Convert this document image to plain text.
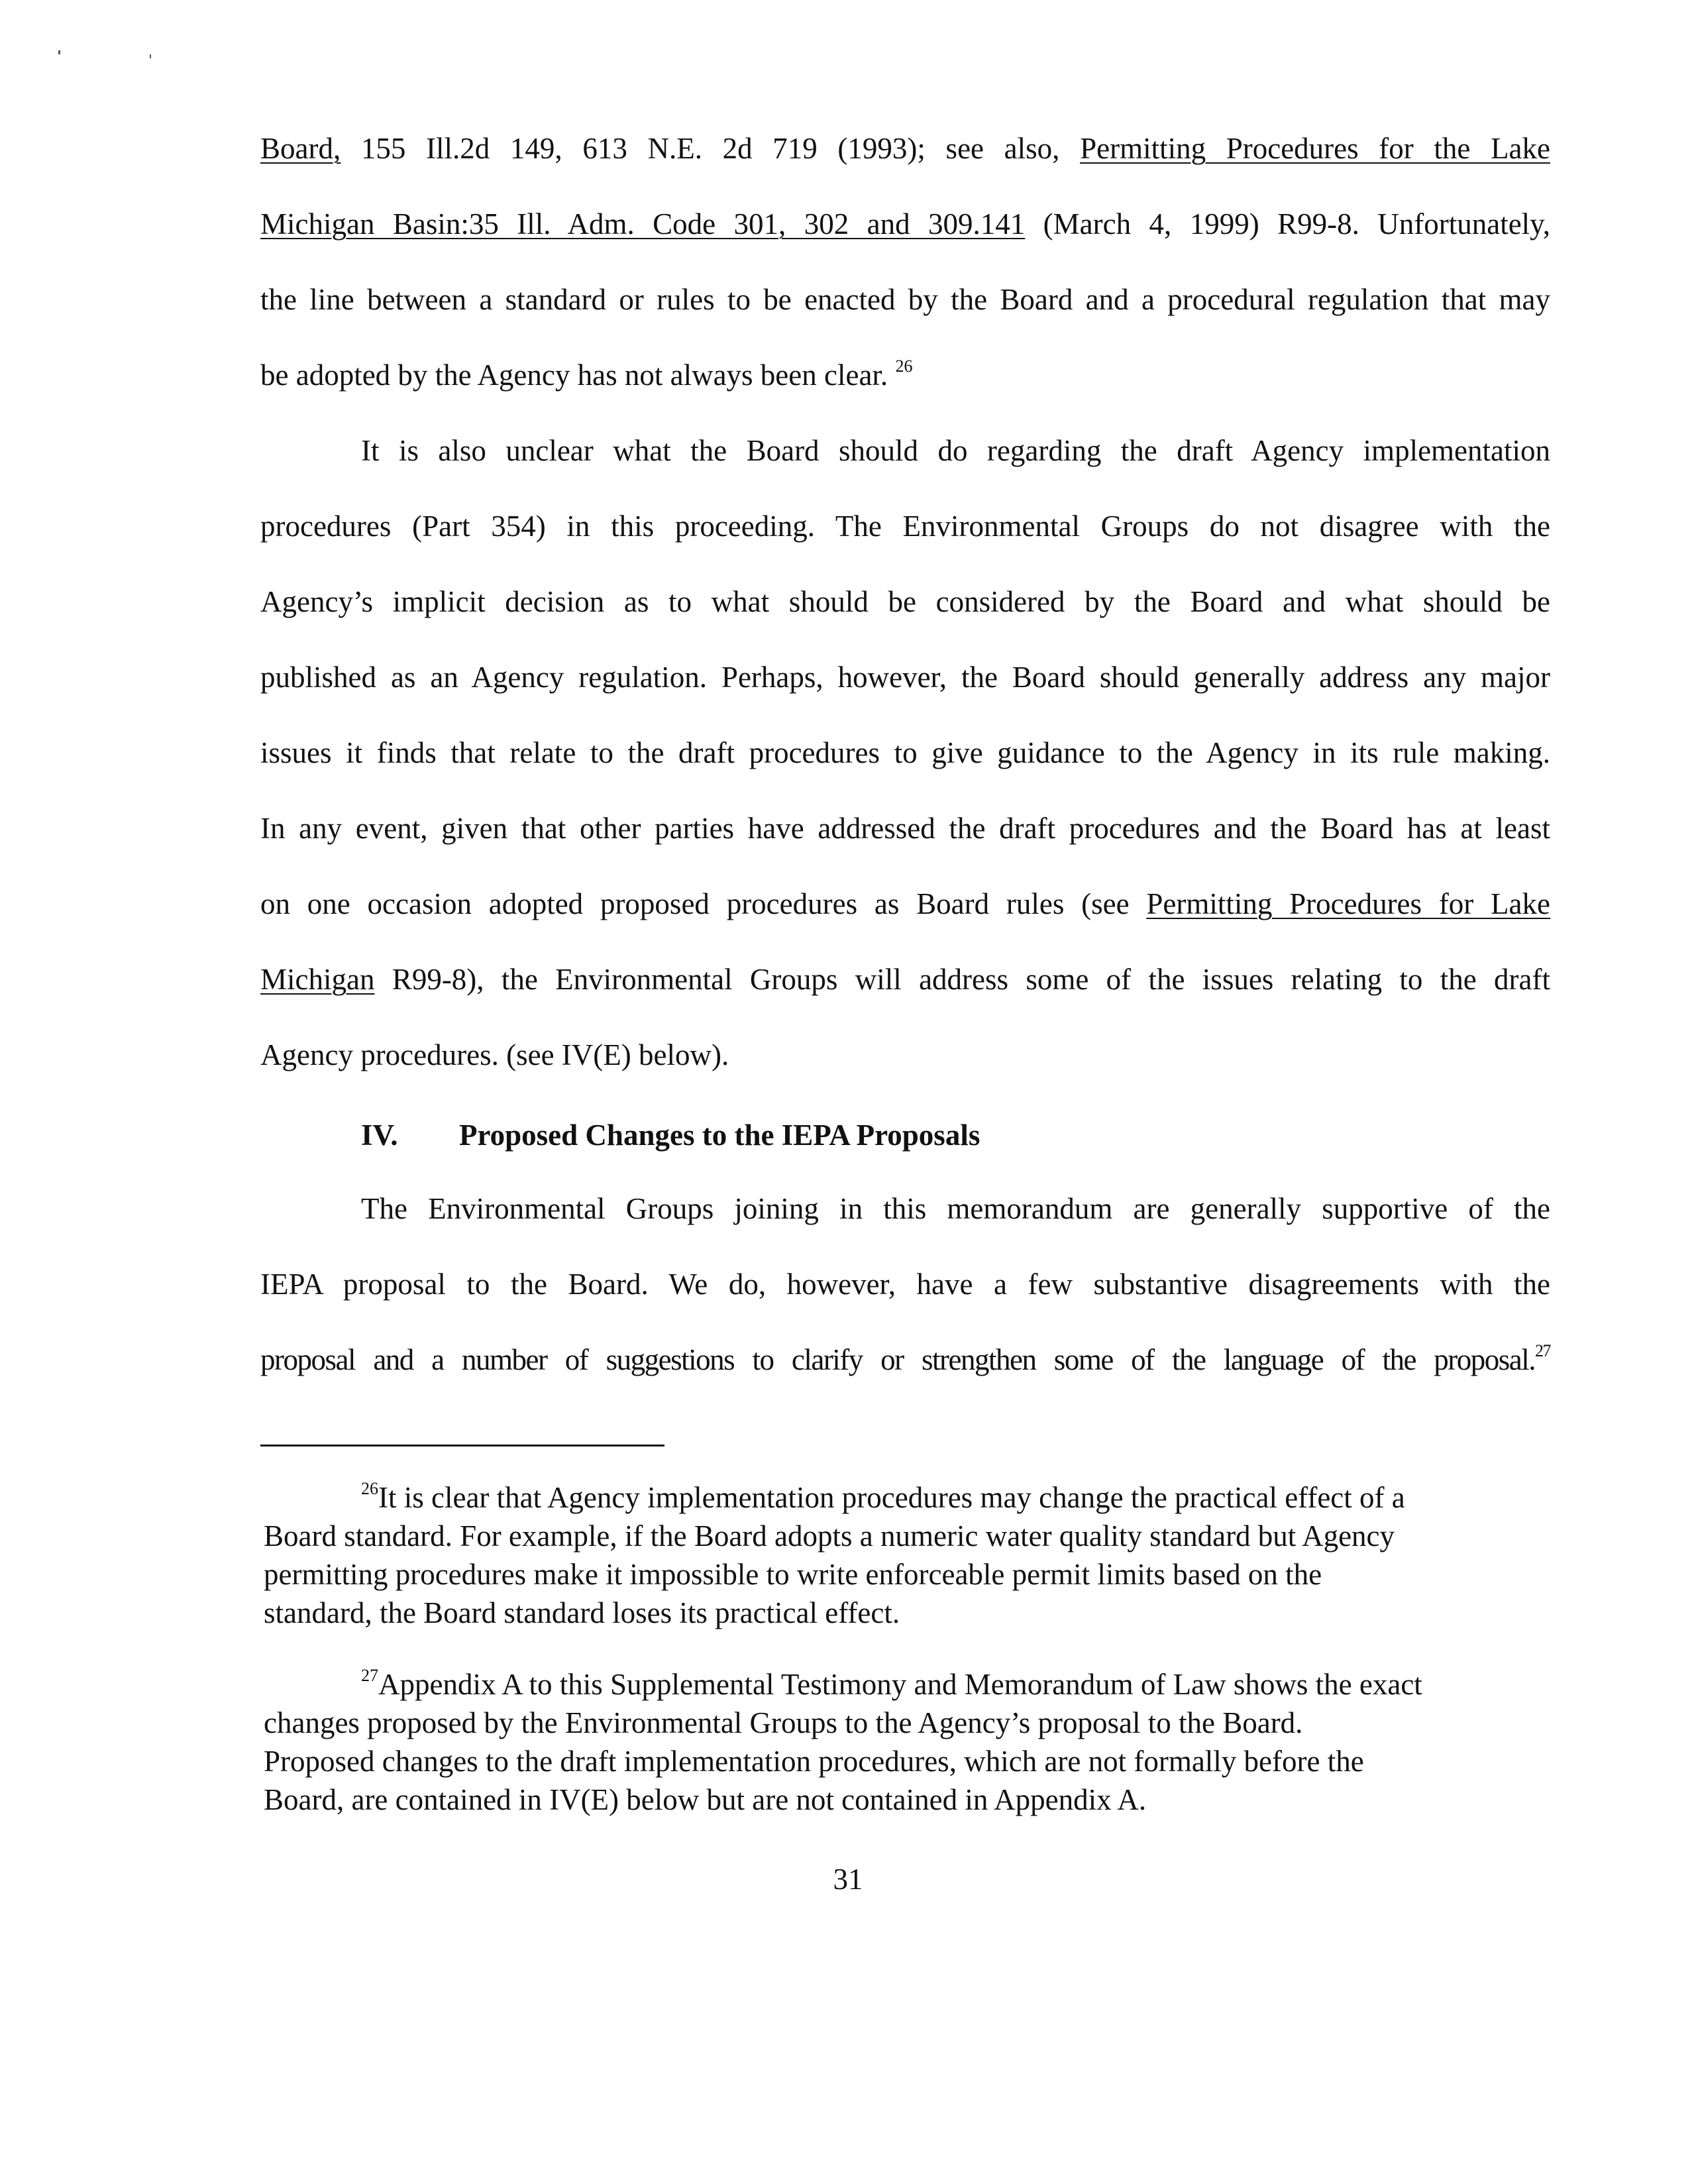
Board, 155 Ill.2d 149, 613 N.E. 2d 719 (1993); see also, Permitting Procedures for the Lake
Michigan Basin:35 Ill. Adm. Code 301, 302 and 309.141 (March 4, 1999) R99-8. Unfortunately,
the line between a standard or rules to be enacted by the Board and a procedural regulation that may
be adopted by the Agency has not always been clear. $^{26}$
It is also unclear what the Board should do regarding the draft Agency implementation
procedures (Part 354) in this proceeding. The Environmental Groups do not disagree with the
Agency’s implicit decision as to what should be considered by the Board and what should be
published as an Agency regulation. Perhaps, however, the Board should generally address any major
issues it finds that relate to the draft procedures to give guidance to the Agency in its rule making.
In any event, given that other parties have addressed the draft procedures and the Board has at least
on one occasion adopted proposed procedures as Board rules (see Permitting Procedures for Lake
Michigan R99-8), the Environmental Groups will address some of the issues relating to the draft
Agency procedures. (see IV(E) below).
IV. Proposed Changes to the IEPA Proposals
The Environmental Groups joining in this memorandum are generally supportive of the
IEPA proposal to the Board. We do, however, have a few substantive disagreements with the
proposal and a number of suggestions to clarify or strengthen some of the language of the proposal.$^{27}$
$^{26}$It is clear that Agency implementation procedures may change the practical effect of a
Board standard. For example, if the Board adopts a numeric water quality standard but Agency
permitting procedures make it impossible to write enforceable permit limits based on the
standard, the Board standard loses its practical effect.
$^{27}$Appendix A to this Supplemental Testimony and Memorandum of Law shows the exact
changes proposed by the Environmental Groups to the Agency’s proposal to the Board.
Proposed changes to the draft implementation procedures, which are not formally before the
Board, are contained in IV(E) below but are not contained in Appendix A.
31
